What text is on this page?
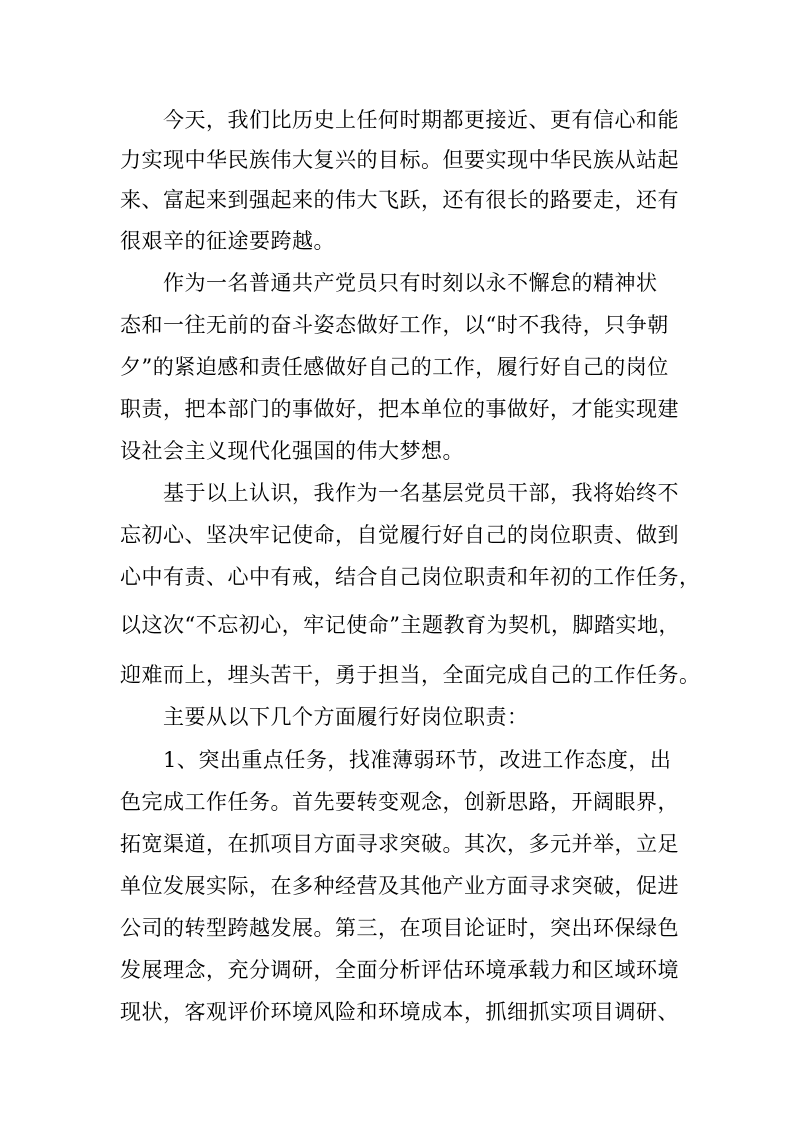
今天，我们比历史上任何时期都更接近、更有信心和能
力实现中华民族伟大复兴的目标。但要实现中华民族从站起
来、富起来到强起来的伟大飞跃，还有很长的路要走，还有
很艰辛的征途要跨越。
作为一名普通共产党员只有时刻以永不懈怠的精神状
态和一往无前的奋斗姿态做好工作，以“时不我待，只争朝
夕”的紧迫感和责任感做好自己的工作，履行好自己的岗位
职责，把本部门的事做好，把本单位的事做好，才能实现建
设社会主义现代化强国的伟大梦想。
基于以上认识，我作为一名基层党员干部，我将始终不
忘初心、坚决牢记使命，自觉履行好自己的岗位职责、做到
心中有责、心中有戒，结合自己岗位职责和年初的工作任务，
以这次“不忘初心，牢记使命”主题教育为契机，脚踏实地，
迎难而上，埋头苦干，勇于担当，全面完成自己的工作任务。
主要从以下几个方面履行好岗位职责：
1、突出重点任务，找准薄弱环节，改进工作态度，出
色完成工作任务。首先要转变观念，创新思路，开阔眼界，
拓宽渠道，在抓项目方面寻求突破。其次，多元并举，立足
单位发展实际，在多种经营及其他产业方面寻求突破，促进
公司的转型跨越发展。第三，在项目论证时，突出环保绿色
发展理念，充分调研，全面分析评估环境承载力和区域环境
现状，客观评价环境风险和环境成本，抓细抓实项目调研、
